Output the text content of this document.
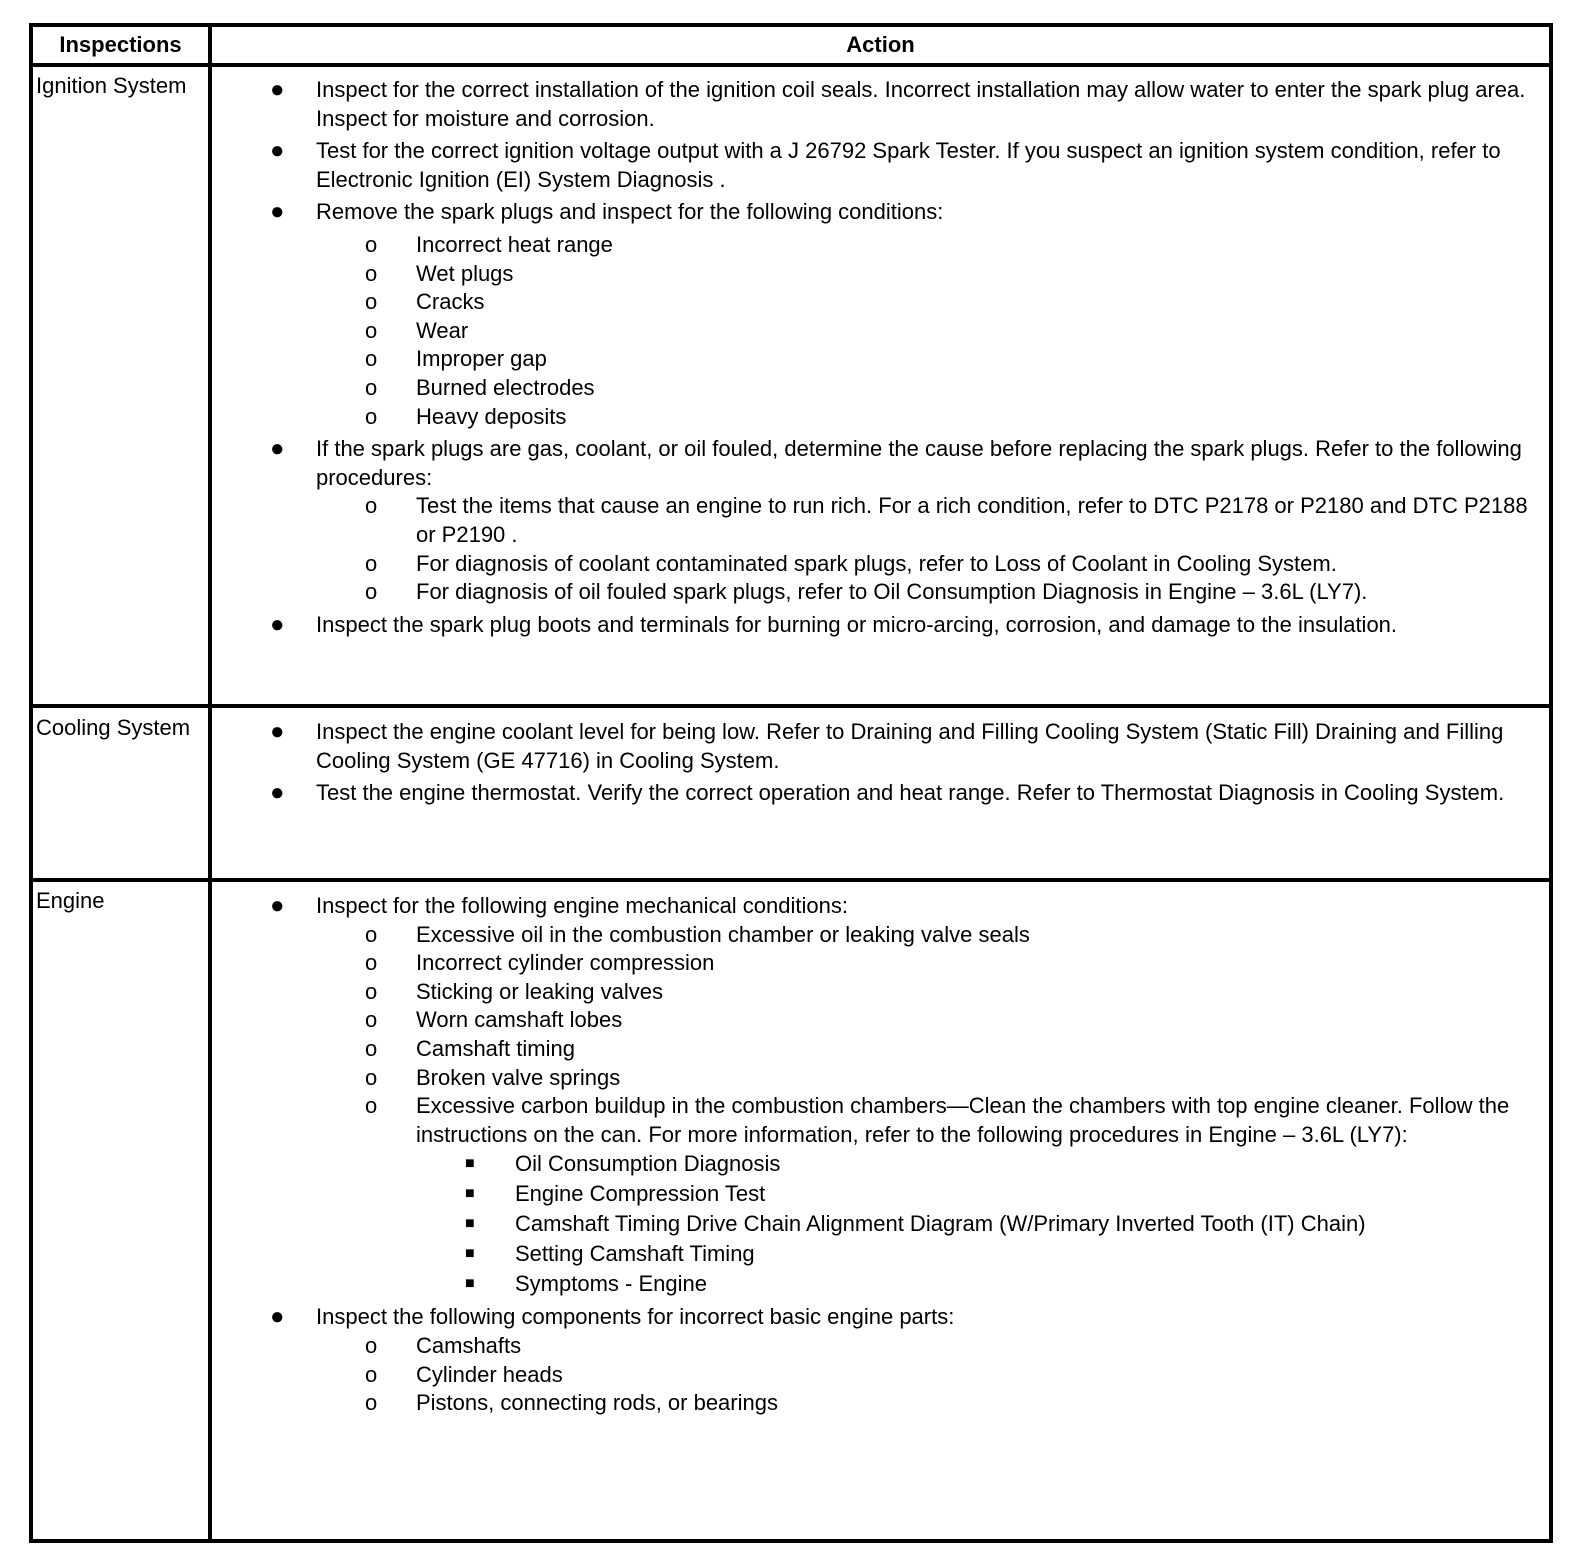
Inspections	Action
Ignition System
Cooling System
Engine
● Inspect for the correct installation of the ignition coil seals. Incorrect installation may allow water to enter the spark plug area. Inspect for moisture and corrosion.
● Test for the correct ignition voltage output with a J 26792 Spark Tester. If you suspect an ignition system condition, refer to Electronic Ignition (EI) System Diagnosis .
● Remove the spark plugs and inspect for the following conditions:
o Incorrect heat range
o Wet plugs
o Cracks
o Wear
o Improper gap
o Burned electrodes
o Heavy deposits
● If the spark plugs are gas, coolant, or oil fouled, determine the cause before replacing the spark plugs. Refer to the following procedures:
o Test the items that cause an engine to run rich. For a rich condition, refer to DTC P2178 or P2180 and DTC P2188 or P2190 .
o For diagnosis of coolant contaminated spark plugs, refer to Loss of Coolant in Cooling System.
o For diagnosis of oil fouled spark plugs, refer to Oil Consumption Diagnosis in Engine – 3.6L (LY7).
● Inspect the spark plug boots and terminals for burning or micro-arcing, corrosion, and damage to the insulation.
● Inspect the engine coolant level for being low. Refer to Draining and Filling Cooling System (Static Fill) Draining and Filling Cooling System (GE 47716) in Cooling System.
● Test the engine thermostat. Verify the correct operation and heat range. Refer to Thermostat Diagnosis in Cooling System.
● Inspect for the following engine mechanical conditions:
o Excessive oil in the combustion chamber or leaking valve seals
o Incorrect cylinder compression
o Sticking or leaking valves
o Worn camshaft lobes
o Camshaft timing
o Broken valve springs
o Excessive carbon buildup in the combustion chambers—Clean the chambers with top engine cleaner. Follow the instructions on the can. For more information, refer to the following procedures in Engine – 3.6L (LY7):
■ Oil Consumption Diagnosis
■ Engine Compression Test
■ Camshaft Timing Drive Chain Alignment Diagram (W/Primary Inverted Tooth (IT) Chain)
■ Setting Camshaft Timing
■ Symptoms - Engine
● Inspect the following components for incorrect basic engine parts:
o Camshafts
o Cylinder heads
o Pistons, connecting rods, or bearings
